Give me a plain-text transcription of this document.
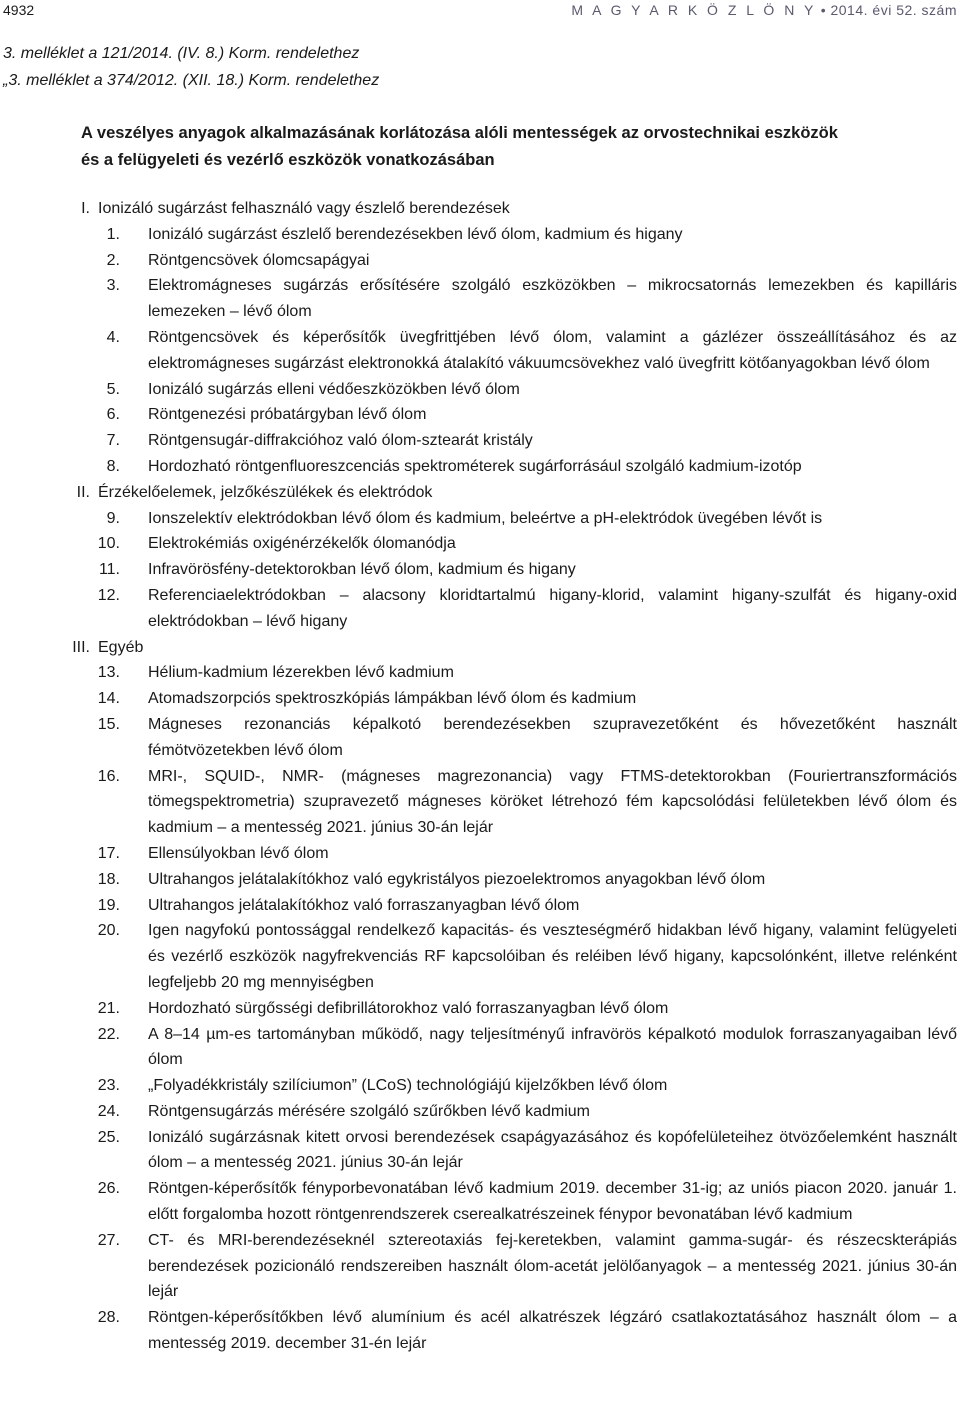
4932	M A G Y A R K Ö Z L Ö N Y • 2014. évi 52. szám
3. melléklet a 121/2014. (IV. 8.) Korm. rendelethez
„3. melléklet a 374/2012. (XII. 18.) Korm. rendelethez
A veszélyes anyagok alkalmazásának korlátozása alóli mentességek az orvostechnikai eszközök
és a felügyeleti és vezérlő eszközök vonatkozásában
I. Ionizáló sugárzást felhasználó vagy észlelő berendezések
1. Ionizáló sugárzást észlelő berendezésekben lévő ólom, kadmium és higany
2. Röntgencsövek ólomcsapágyai
3. Elektromágneses sugárzás erősítésére szolgáló eszközökben – mikrocsatornás lemezekben és kapilláris lemezeken – lévő ólom
4. Röntgencsövek és képerősítők üvegfrittjében lévő ólom, valamint a gázlézer összeállításához és az elektromágneses sugárzást elektronokká átalakító vákuumcsövekhez való üvegfritt kötőanyagokban lévő ólom
5. Ionizáló sugárzás elleni védőeszközökben lévő ólom
6. Röntgenezési próbatárgyban lévő ólom
7. Röntgensugár-diffrakcióhoz való ólom-sztearát kristály
8. Hordozható röntgenfluoreszcenciás spektrométerek sugárforrásául szolgáló kadmium-izotóp
II. Érzékelőelemek, jelzőkészülékek és elektródok
9. Ionszelektív elektródokban lévő ólom és kadmium, beleértve a pH-elektródok üvegében lévőt is
10. Elektrokémiás oxigénérzékelők ólomanódja
11. Infravörösfény-detektorokban lévő ólom, kadmium és higany
12. Referenciaelektródokban – alacsony kloridtartalmú higany-klorid, valamint higany-szulfát és higany-oxid elektródokban – lévő higany
III. Egyéb
13. Hélium-kadmium lézerekben lévő kadmium
14. Atomadszorpciós spektroszkópiás lámpákban lévő ólom és kadmium
15. Mágneses rezonanciás képalkotó berendezésekben szupravezetőként és hővezetőként használt fémötvözetekben lévő ólom
16. MRI-, SQUID-, NMR- (mágneses magrezonancia) vagy FTMS-detektorokban (Fouriertranszformációs tömegspektrometria) szupravezető mágneses köröket létrehozó fém kapcsolódási felületekben lévő ólom és kadmium – a mentesség 2021. június 30-án lejár
17. Ellensúlyokban lévő ólom
18. Ultrahangos jelátalakítókhoz való egykristályos piezoelektromos anyagokban lévő ólom
19. Ultrahangos jelátalakítókhoz való forraszanyagban lévő ólom
20. Igen nagyfokú pontossággal rendelkező kapacitás- és veszteségmérő hidakban lévő higany, valamint felügyeleti és vezérlő eszközök nagyfrekvenciás RF kapcsolóiban és reléiben lévő higany, kapcsolónként, illetve relénként legfeljebb 20 mg mennyiségben
21. Hordozható sürgősségi defibrillátorokhoz való forraszanyagban lévő ólom
22. A 8–14 µm-es tartományban működő, nagy teljesítményű infravörös képalkotó modulok forraszanyagaiban lévő ólom
23. „Folyadékkristály szilíciumon” (LCoS) technológiájú kijelzőkben lévő ólom
24. Röntgensugárzás mérésére szolgáló szűrőkben lévő kadmium
25. Ionizáló sugárzásnak kitett orvosi berendezések csapágyazásához és kopófelületeihez ötvözőelemként használt ólom – a mentesség 2021. június 30-án lejár
26. Röntgen-képerősítők fényporbevonatában lévő kadmium 2019. december 31-ig; az uniós piacon 2020. január 1. előtt forgalomba hozott röntgenrendszerek cserealkatrészeinek fénypor bevonatában lévő kadmium
27. CT- és MRI-berendezéseknél sztereotaxiás fej-keretekben, valamint gamma-sugár- és részecskterápiás berendezések pozicionáló rendszereiben használt ólom-acetát jelölőanyagok – a mentesség 2021. június 30-án lejár
28. Röntgen-képerősítőkben lévő alumínium és acél alkatrészek légzáró csatlakoztatásához használt ólom – a mentesség 2019. december 31-én lejár
